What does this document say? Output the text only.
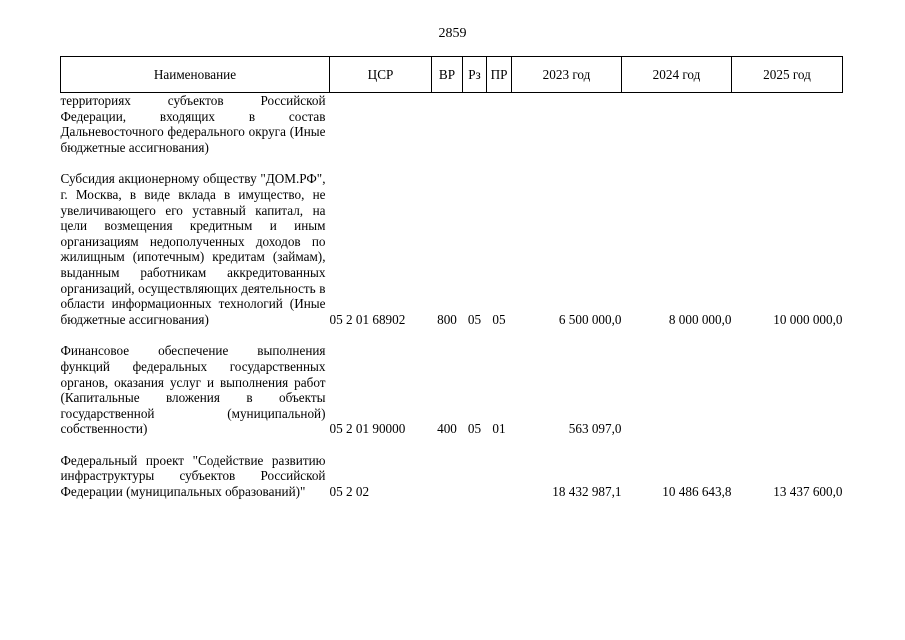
2859
Наименование	ЦСР	ВР	Рз	ПР	2023 год	2024 год	2025 год
территориях субъектов Российской Федерации, входящих в состав Дальневосточного федерального округа (Иные бюджетные ассигнования)							

Субсидия акционерному обществу "ДОМ.РФ", г. Москва, в виде вклада в имущество, не увеличивающего его уставный капитал, на цели возмещения кредитным и иным организациям недополученных доходов по жилищным (ипотечным) кредитам (займам), выданным работникам аккредитованных организаций, осуществляющих деятельность в области информационных технологий (Иные бюджетные ассигнования)	05 2 01 68902	800	05	05	6 500 000,0	8 000 000,0	10 000 000,0

Финансовое обеспечение выполнения функций федеральных государственных органов, оказания услуг и выполнения работ (Капитальные вложения в объекты государственной (муниципальной) собственности)	05 2 01 90000	400	05	01	563 097,0		

Федеральный проект "Содействие развитию инфраструктуры субъектов Российской Федерации (муниципальных образований)"	05 2 02				18 432 987,1	10 486 643,8	13 437 600,0
